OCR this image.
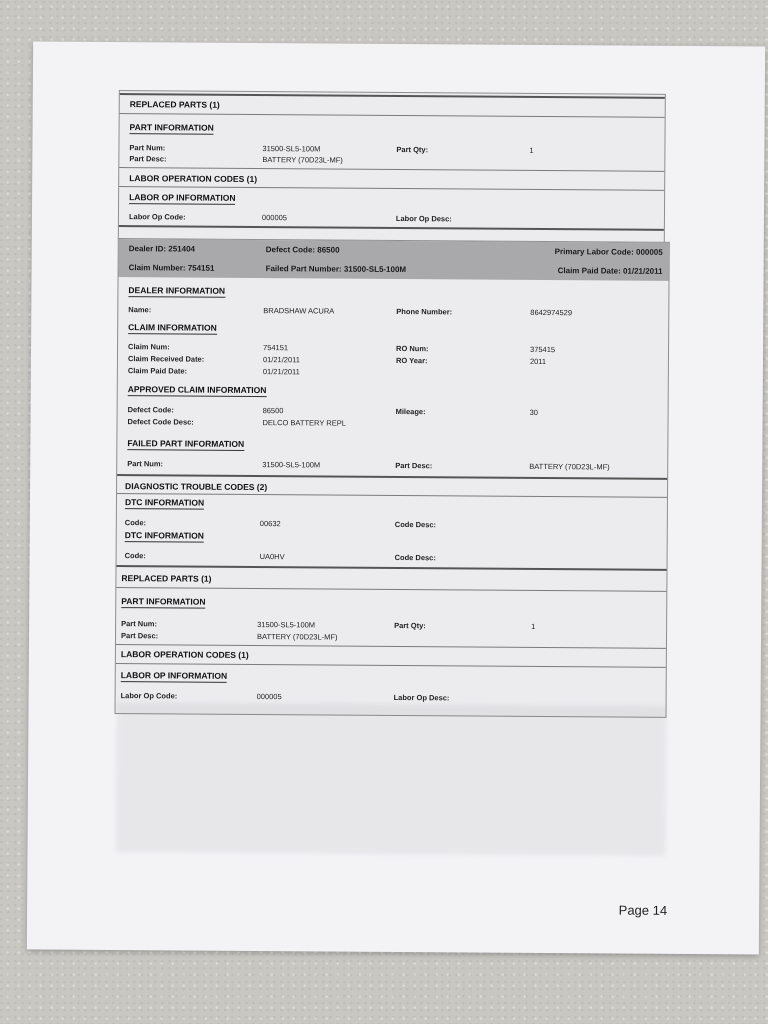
REPLACED PARTS (1)
PART INFORMATION
Part Num:	31500-SL5-100M	Part Qty:	1
Part Desc:	BATTERY (70D23L-MF)
LABOR OPERATION CODES (1)
LABOR OP INFORMATION
Labor Op Code:	000005	Labor Op Desc:
Dealer ID: 251404	Defect Code: 86500	Primary Labor Code: 000005
Claim Number: 754151	Failed Part Number: 31500-SL5-100M	Claim Paid Date: 01/21/2011
DEALER INFORMATION
Name:	BRADSHAW ACURA	Phone Number:	8642974529
CLAIM INFORMATION
Claim Num:	754151	RO Num:	375415
Claim Received Date:	01/21/2011	RO Year:	2011
Claim Paid Date:	01/21/2011
APPROVED CLAIM INFORMATION
Defect Code:	86500	Mileage:	30
Defect Code Desc:	DELCO BATTERY REPL
FAILED PART INFORMATION
Part Num:	31500-SL5-100M	Part Desc:	BATTERY (70D23L-MF)
DIAGNOSTIC TROUBLE CODES (2)
DTC INFORMATION
Code:	00632	Code Desc:
DTC INFORMATION
Code:	UA0HV	Code Desc:
REPLACED PARTS (1)
PART INFORMATION
Part Num:	31500-SL5-100M	Part Qty:	1
Part Desc:	BATTERY (70D23L-MF)
LABOR OPERATION CODES (1)
LABOR OP INFORMATION
Labor Op Code:	000005	Labor Op Desc:
Page 14
